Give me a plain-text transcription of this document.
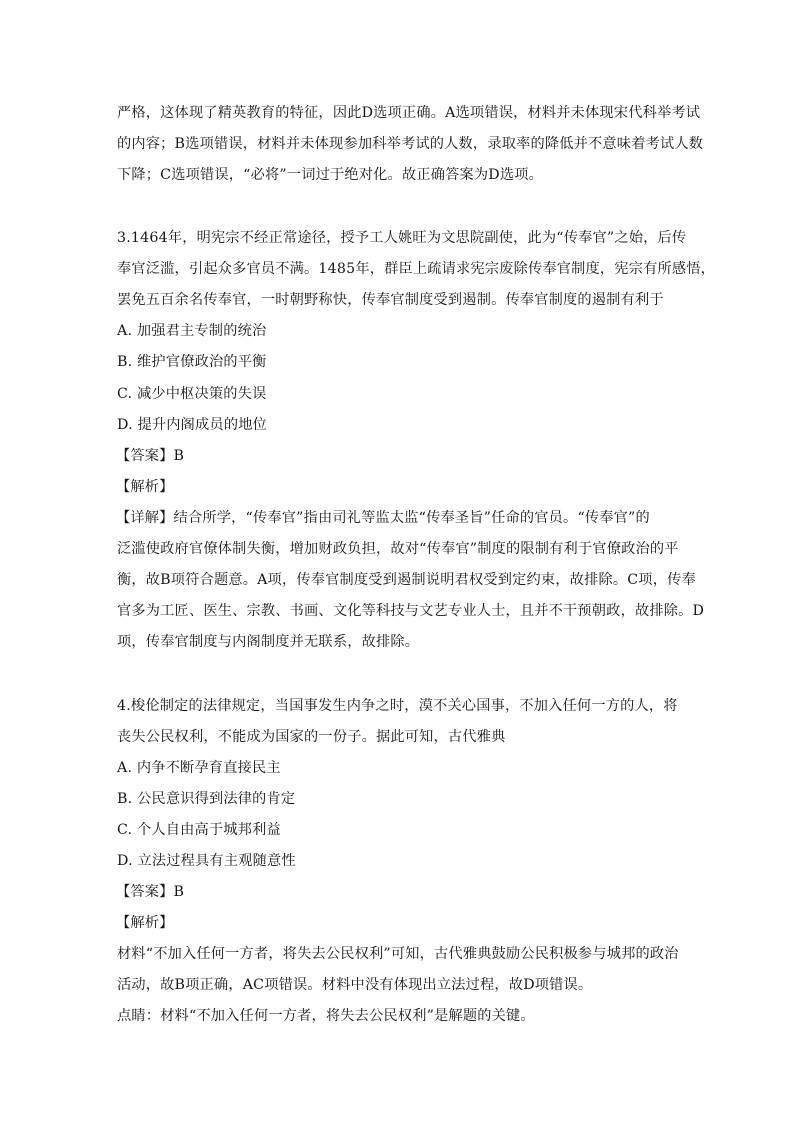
严格，这体现了精英教育的特征，因此D选项正确。A选项错误，材料并未体现宋代科举考试
的内容；B选项错误，材料并未体现参加科举考试的人数，录取率的降低并不意味着考试人数
下降；C选项错误，“必将”一词过于绝对化。故正确答案为D选项。
3.1464年，明宪宗不经正常途径，授予工人姚旺为文思院副使，此为“传奉官”之始，后传
奉官泛滥，引起众多官员不满。1485年，群臣上疏请求宪宗废除传奉官制度，宪宗有所感悟，
罢免五百余名传奉官，一时朝野称快，传奉官制度受到遏制。传奉官制度的遏制有利于
A. 加强君主专制的统治
B. 维护官僚政治的平衡
C. 减少中枢决策的失误
D. 提升内阁成员的地位
【答案】B
【解析】
【详解】结合所学，“传奉官”指由司礼等监太监“传奉圣旨”任命的官员。“传奉官”的
泛滥使政府官僚体制失衡，增加财政负担，故对“传奉官”制度的限制有利于官僚政治的平
衡，故B项符合题意。A项，传奉官制度受到遏制说明君权受到定约束，故排除。C项，传奉
官多为工匠、医生、宗教、书画、文化等科技与文艺专业人士，且并不干预朝政，故排除。D
项，传奉官制度与内阁制度并无联系，故排除。
4.梭伦制定的法律规定，当国事发生内争之时，漠不关心国事，不加入任何一方的人，将
丧失公民权利，不能成为国家的一份子。据此可知，古代雅典
A. 内争不断孕育直接民主
B. 公民意识得到法律的肯定
C. 个人自由高于城邦利益
D. 立法过程具有主观随意性
【答案】B
【解析】
材料“不加入任何一方者，将失去公民权利”可知，古代雅典鼓励公民积极参与城邦的政治
活动，故B项正确，AC项错误。材料中没有体现出立法过程，故D项错误。
点睛：材料“不加入任何一方者，将失去公民权利”是解题的关键。
